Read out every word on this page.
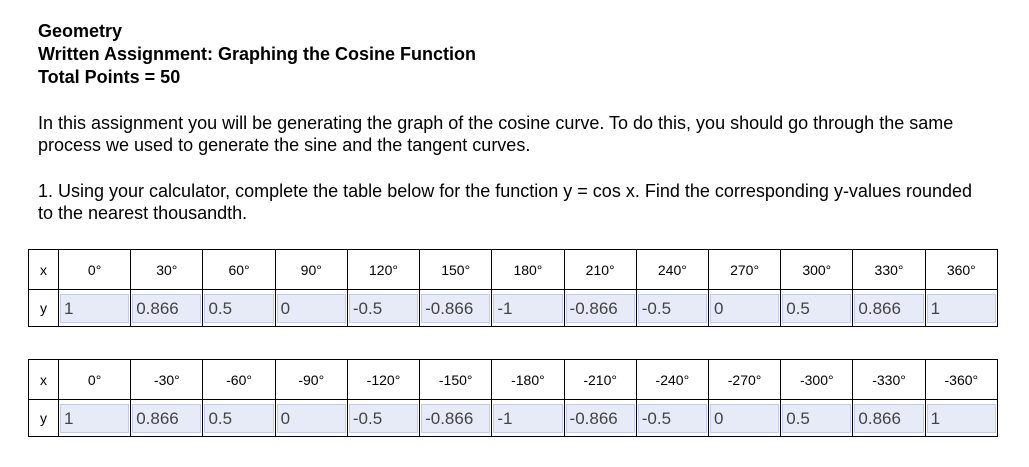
Geometry
Written Assignment: Graphing the Cosine Function
Total Points = 50
In this assignment you will be generating the graph of the cosine curve. To do this, you should go through the same process we used to generate the sine and the tangent curves.
1. Using your calculator, complete the table below for the function y = cos x. Find the corresponding y-values rounded to the nearest thousandth.
x	0°	30°	60°	90°	120°	150°	180°	210°	240°	270°	300°	330°	360°
y	1	0.866	0.5	0	-0.5	-0.866	-1	-0.866	-0.5	0	0.5	0.866	1
x	0°	-30°	-60°	-90°	-120°	-150°	-180°	-210°	-240°	-270°	-300°	-330°	-360°
y	1	0.866	0.5	0	-0.5	-0.866	-1	-0.866	-0.5	0	0.5	0.866	1
